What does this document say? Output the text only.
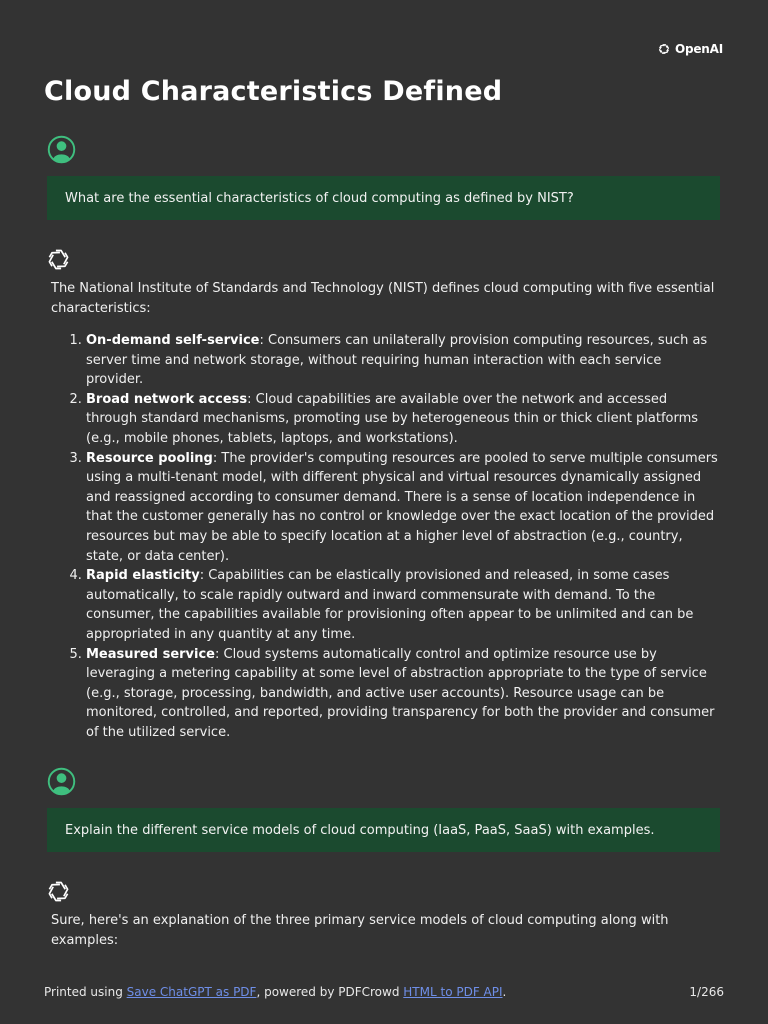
OpenAI
Cloud Characteristics Defined
What are the essential characteristics of cloud computing as defined by NIST?

The National Institute of Standards and Technology (NIST) defines cloud computing with five essential characteristics:

1. On-demand self-service: Consumers can unilaterally provision computing resources, such as server time and network storage, without requiring human interaction with each service provider.
2. Broad network access: Cloud capabilities are available over the network and accessed through standard mechanisms, promoting use by heterogeneous thin or thick client platforms (e.g., mobile phones, tablets, laptops, and workstations).
3. Resource pooling: The provider's computing resources are pooled to serve multiple consumers using a multi-tenant model, with different physical and virtual resources dynamically assigned and reassigned according to consumer demand. There is a sense of location independence in that the customer generally has no control or knowledge over the exact location of the provided resources but may be able to specify location at a higher level of abstraction (e.g., country, state, or data center).
4. Rapid elasticity: Capabilities can be elastically provisioned and released, in some cases automatically, to scale rapidly outward and inward commensurate with demand. To the consumer, the capabilities available for provisioning often appear to be unlimited and can be appropriated in any quantity at any time.
5. Measured service: Cloud systems automatically control and optimize resource use by leveraging a metering capability at some level of abstraction appropriate to the type of service (e.g., storage, processing, bandwidth, and active user accounts). Resource usage can be monitored, controlled, and reported, providing transparency for both the provider and consumer of the utilized service.
Explain the different service models of cloud computing (IaaS, PaaS, SaaS) with examples.

Sure, here's an explanation of the three primary service models of cloud computing along with examples:

Printed using Save ChatGPT as PDF, powered by PDFCrowd HTML to PDF API.	1/266
